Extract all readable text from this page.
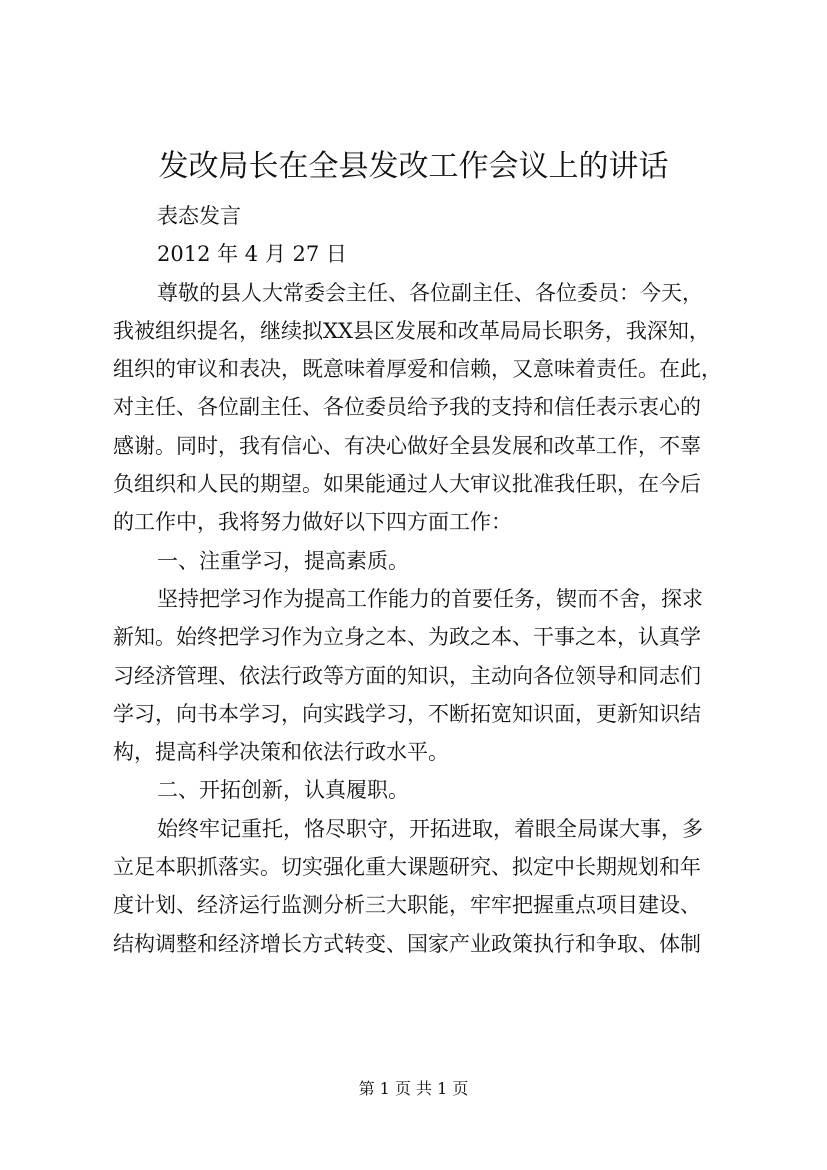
发改局长在全县发改工作会议上的讲话
表态发言
2012 年 4 月 27 日
尊敬的县人大常委会主任、各位副主任、各位委员：今天，
我被组织提名，继续拟XX县区发展和改革局局长职务，我深知，
组织的审议和表决，既意味着厚爱和信赖，又意味着责任。在此，
对主任、各位副主任、各位委员给予我的支持和信任表示衷心的
感谢。同时，我有信心、有决心做好全县发展和改革工作，不辜
负组织和人民的期望。如果能通过人大审议批准我任职，在今后
的工作中，我将努力做好以下四方面工作：
一、注重学习，提高素质。
坚持把学习作为提高工作能力的首要任务，锲而不舍，探求
新知。始终把学习作为立身之本、为政之本、干事之本，认真学
习经济管理、依法行政等方面的知识，主动向各位领导和同志们
学习，向书本学习，向实践学习，不断拓宽知识面，更新知识结
构，提高科学决策和依法行政水平。
二、开拓创新，认真履职。
始终牢记重托，恪尽职守，开拓进取，着眼全局谋大事，多
立足本职抓落实。切实强化重大课题研究、拟定中长期规划和年
度计划、经济运行监测分析三大职能，牢牢把握重点项目建设、
结构调整和经济增长方式转变、国家产业政策执行和争取、体制
第 1 页 共 1 页
